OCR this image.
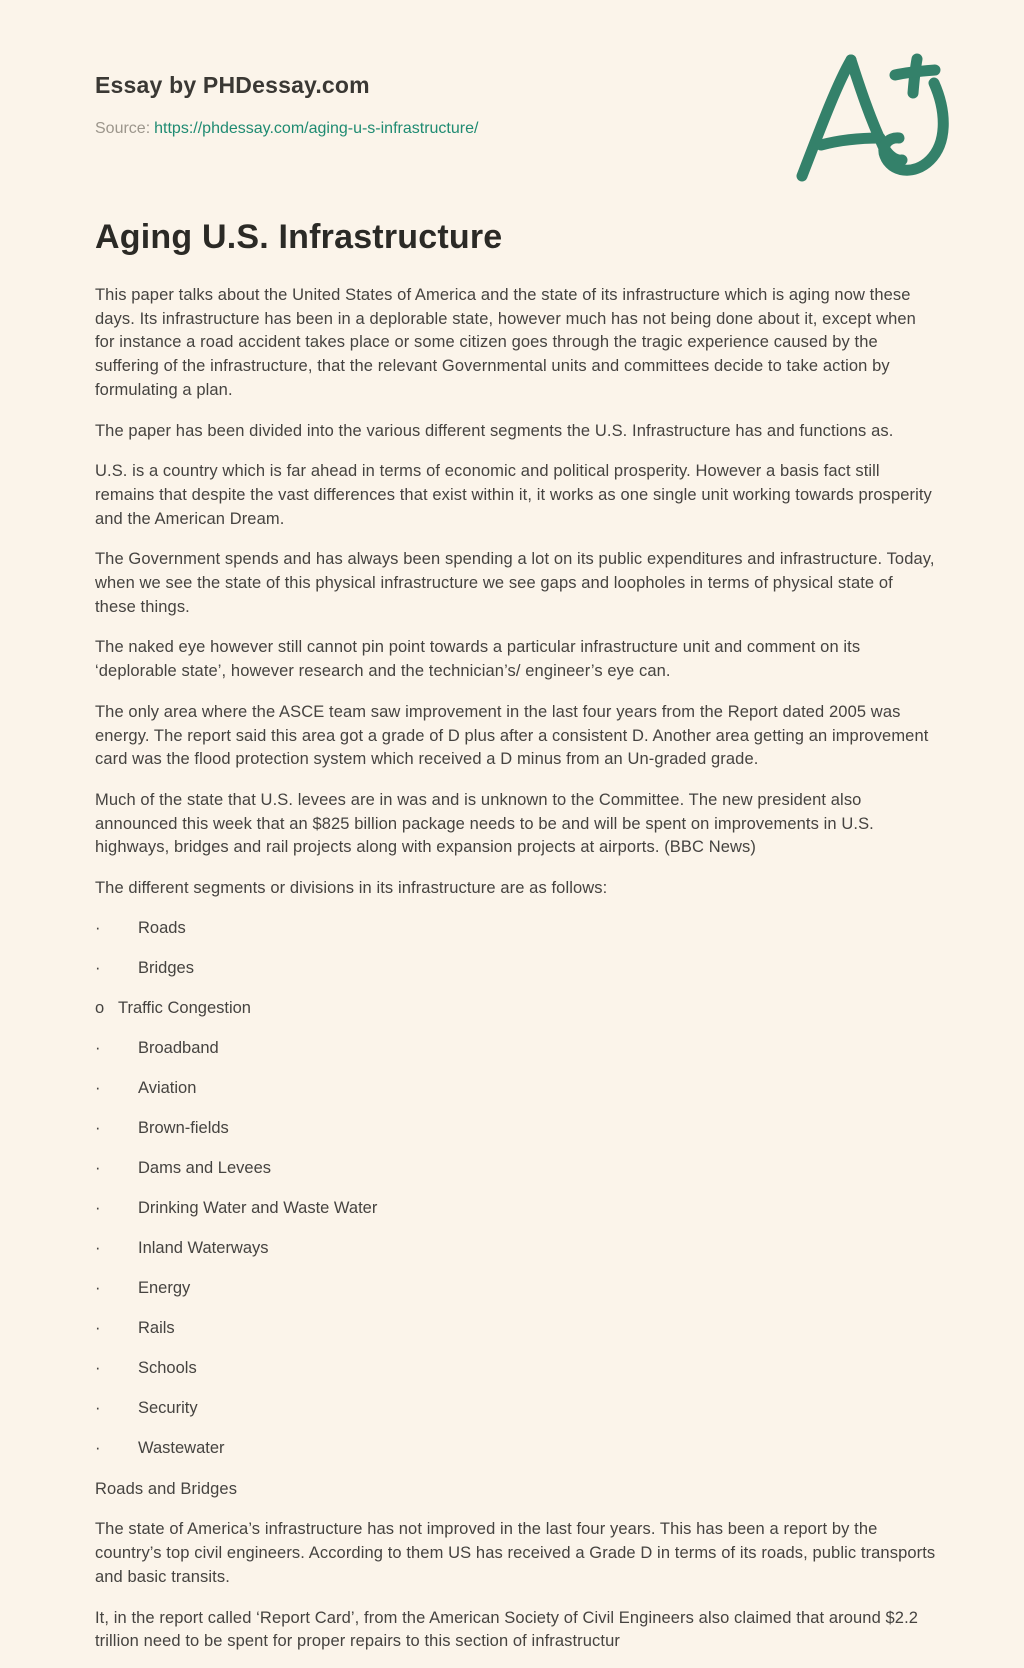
Essay by PHDessay.com
Source: https://phdessay.com/aging-u-s-infrastructure/
Aging U.S. Infrastructure

This paper talks about the United States of America and the state of its infrastructure which is aging now these days. Its infrastructure has been in a deplorable state, however much has not being done about it, except when for instance a road accident takes place or some citizen goes through the tragic experience caused by the suffering of the infrastructure, that the relevant Governmental units and committees decide to take action by formulating a plan.

The paper has been divided into the various different segments the U.S. Infrastructure has and functions as.

U.S. is a country which is far ahead in terms of economic and political prosperity. However a basis fact still remains that despite the vast differences that exist within it, it works as one single unit working towards prosperity and the American Dream.

The Government spends and has always been spending a lot on its public expenditures and infrastructure. Today, when we see the state of this physical infrastructure we see gaps and loopholes in terms of physical state of these things.

The naked eye however still cannot pin point towards a particular infrastructure unit and comment on its ‘deplorable state’, however research and the technician’s/ engineer’s eye can.

The only area where the ASCE team saw improvement in the last four years from the Report dated 2005 was energy. The report said this area got a grade of D plus after a consistent D. Another area getting an improvement card was the flood protection system which received a D minus from an Un-graded grade.

Much of the state that U.S. levees are in was and is unknown to the Committee. The new president also announced this week that an $825 billion package needs to be and will be spent on improvements in U.S. highways, bridges and rail projects along with expansion projects at airports. (BBC News)

The different segments or divisions in its infrastructure are as follows:

· Roads
· Bridges
o Traffic Congestion
· Broadband
· Aviation
· Brown-fields
· Dams and Levees
· Drinking Water and Waste Water
· Inland Waterways
· Energy
· Rails
· Schools
· Security
· Wastewater

Roads and Bridges

The state of America’s infrastructure has not improved in the last four years. This has been a report by the country’s top civil engineers. According to them US has received a Grade D in terms of its roads, public transports and basic transits.

It, in the report called ‘Report Card’, from the American Society of Civil Engineers also claimed that around $2.2 trillion need to be spent for proper repairs to this section of infrastructur
